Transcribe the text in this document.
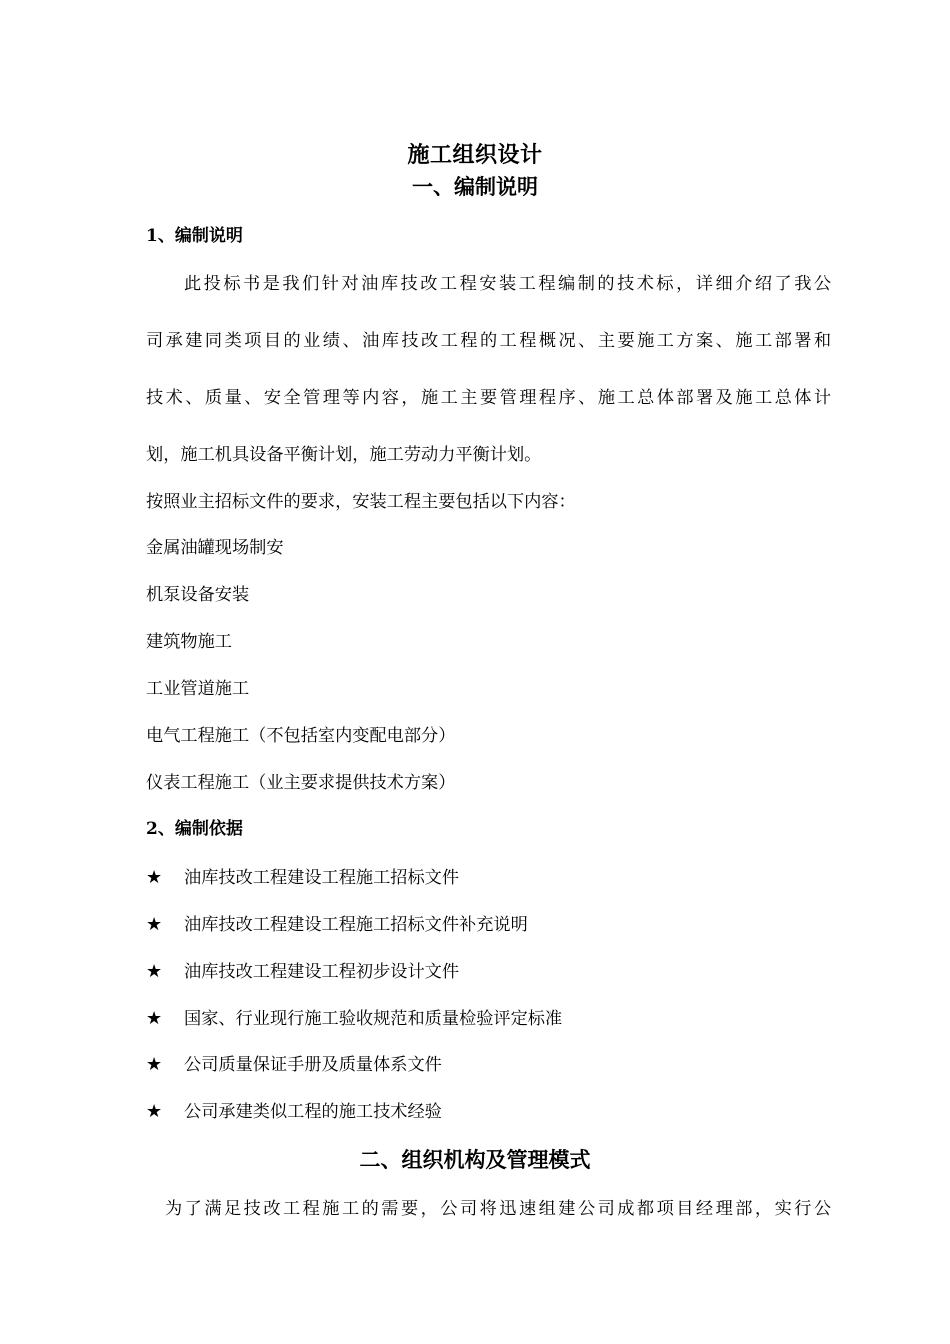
施工组织设计
一、编制说明
1、编制说明
此投标书是我们针对油库技改工程安装工程编制的技术标，详细介绍了我公
司承建同类项目的业绩、油库技改工程的工程概况、主要施工方案、施工部署和
技术、质量、安全管理等内容，施工主要管理程序、施工总体部署及施工总体计
划，施工机具设备平衡计划，施工劳动力平衡计划。
按照业主招标文件的要求，安装工程主要包括以下内容：
金属油罐现场制安
机泵设备安装
建筑物施工
工业管道施工
电气工程施工（不包括室内变配电部分）
仪表工程施工（业主要求提供技术方案）
2、编制依据
★ 油库技改工程建设工程施工招标文件
★ 油库技改工程建设工程施工招标文件补充说明
★ 油库技改工程建设工程初步设计文件
★ 国家、行业现行施工验收规范和质量检验评定标准
★ 公司质量保证手册及质量体系文件
★ 公司承建类似工程的施工技术经验
二、组织机构及管理模式
为了满足技改工程施工的需要，公司将迅速组建公司成都项目经理部，实行公
